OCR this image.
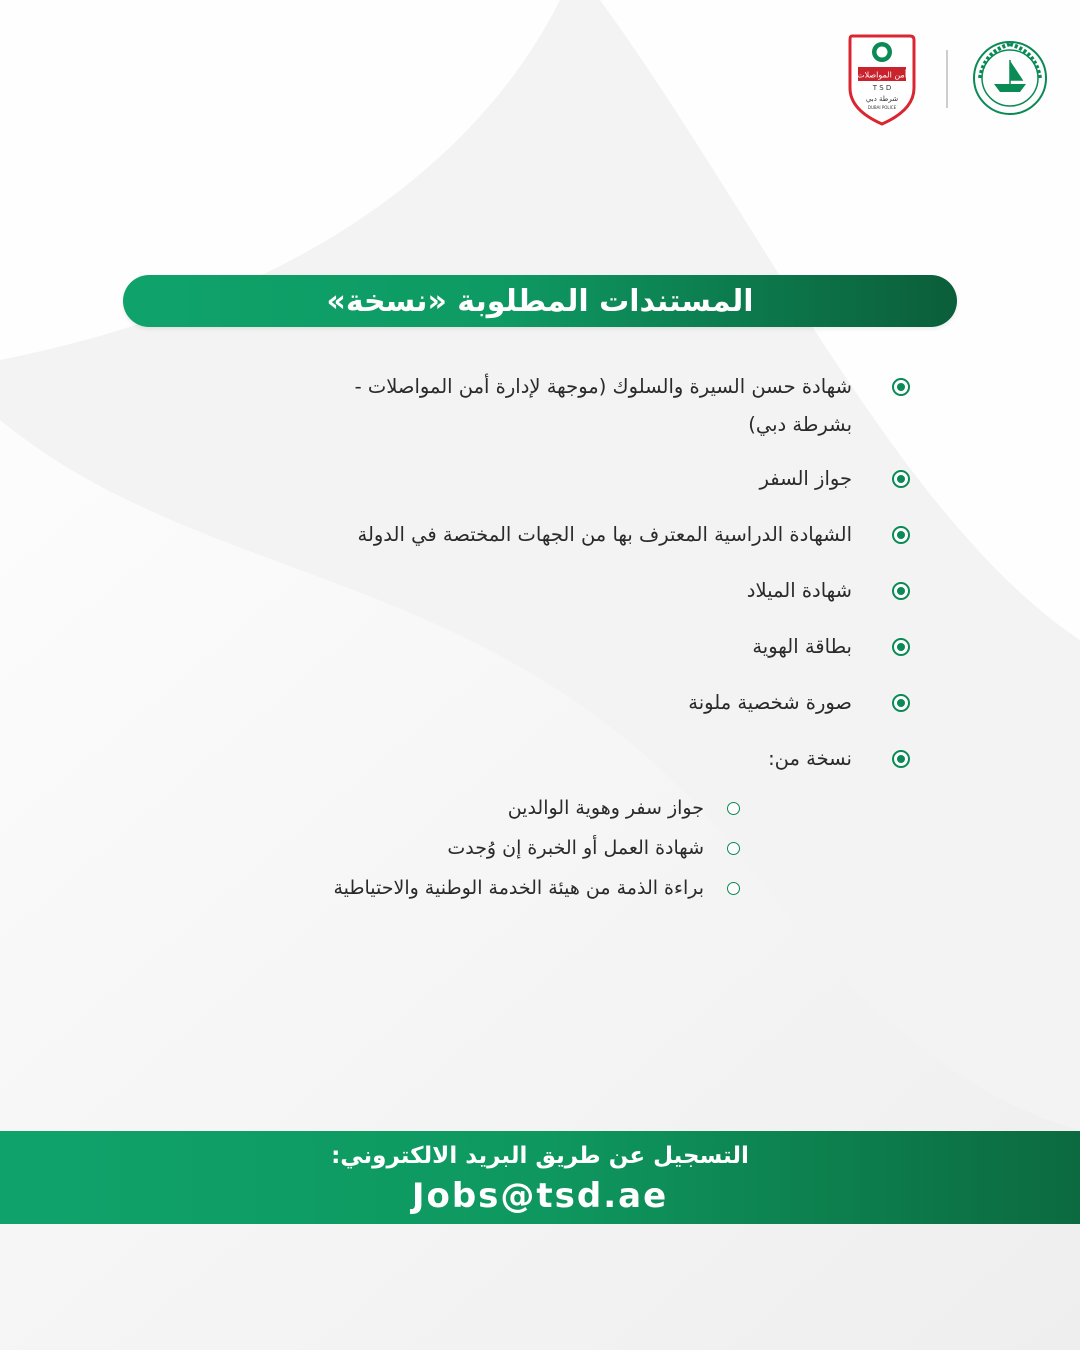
أمن المواصلات
T S D
شرطة دبي
DUBAI POLICE
المستندات المطلوبة «نسخة»
شهادة حسن السيرة والسلوك (موجهة لإدارة أمن المواصلات - بشرطة دبي)
جواز السفر
الشهادة الدراسية المعترف بها من الجهات المختصة في الدولة
شهادة الميلاد
بطاقة الهوية
صورة شخصية ملونة
نسخة من:
جواز سفر وهوية الوالدين
شهادة العمل أو الخبرة إن وُجدت
براءة الذمة من هيئة الخدمة الوطنية والاحتياطية
التسجيل عن طريق البريد الالكتروني:
Jobs@tsd.ae
